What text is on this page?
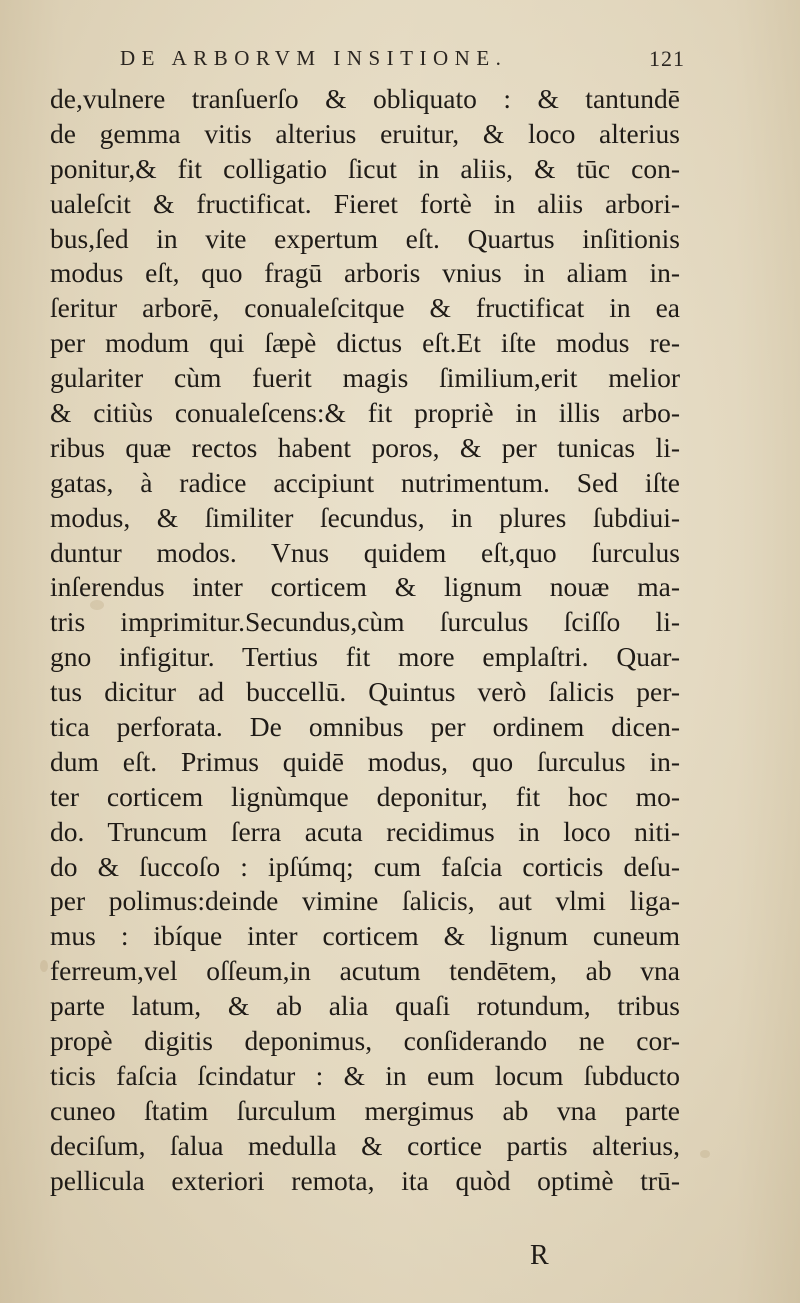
DE ARBORVM INSITIONE.	121
de,vulnere tranſuerſo & obliquato : & tantundē
de gemma vitis alterius eruitur, & loco alterius
ponitur,& fit colligatio ſicut in aliis, & tūc con-
ualeſcit & fructificat. Fieret fortè in aliis arbori-
bus,ſed in vite expertum eſt. Quartus inſitionis
modus eſt, quo fragū arboris vnius in aliam in-
ſeritur arborē, conualeſcitque & fructificat in ea
per modum qui ſæpè dictus eſt.Et iſte modus re-
gulariter cùm fuerit magis ſimilium,erit melior
& citiùs conualeſcens:& fit propriè in illis arbo-
ribus quæ rectos habent poros, & per tunicas li-
gatas, à radice accipiunt nutrimentum. Sed iſte
modus, & ſimiliter ſecundus, in plures ſubdiui-
duntur modos. Vnus quidem eſt,quo ſurculus
inſerendus inter corticem & lignum nouæ ma-
tris imprimitur.Secundus,cùm ſurculus ſciſſo li-
gno infigitur. Tertius fit more emplaſtri. Quar-
tus dicitur ad buccellū. Quintus verò ſalicis per-
tica perforata. De omnibus per ordinem dicen-
dum eſt. Primus quidē modus, quo ſurculus in-
ter corticem lignùmque deponitur, fit hoc mo-
do. Truncum ſerra acuta recidimus in loco niti-
do & ſuccoſo : ipſúmq; cum faſcia corticis deſu-
per polimus:deinde vimine ſalicis, aut vlmi liga-
mus : ibíque inter corticem & lignum cuneum
ferreum,vel oſſeum,in acutum tendētem, ab vna
parte latum, & ab alia quaſi rotundum, tribus
propè digitis deponimus, conſiderando ne cor-
ticis faſcia ſcindatur : & in eum locum ſubducto
cuneo ſtatim ſurculum mergimus ab vna parte
deciſum, ſalua medulla & cortice partis alterius,
pellicula exteriori remota, ita quòd optimè trū-
R
